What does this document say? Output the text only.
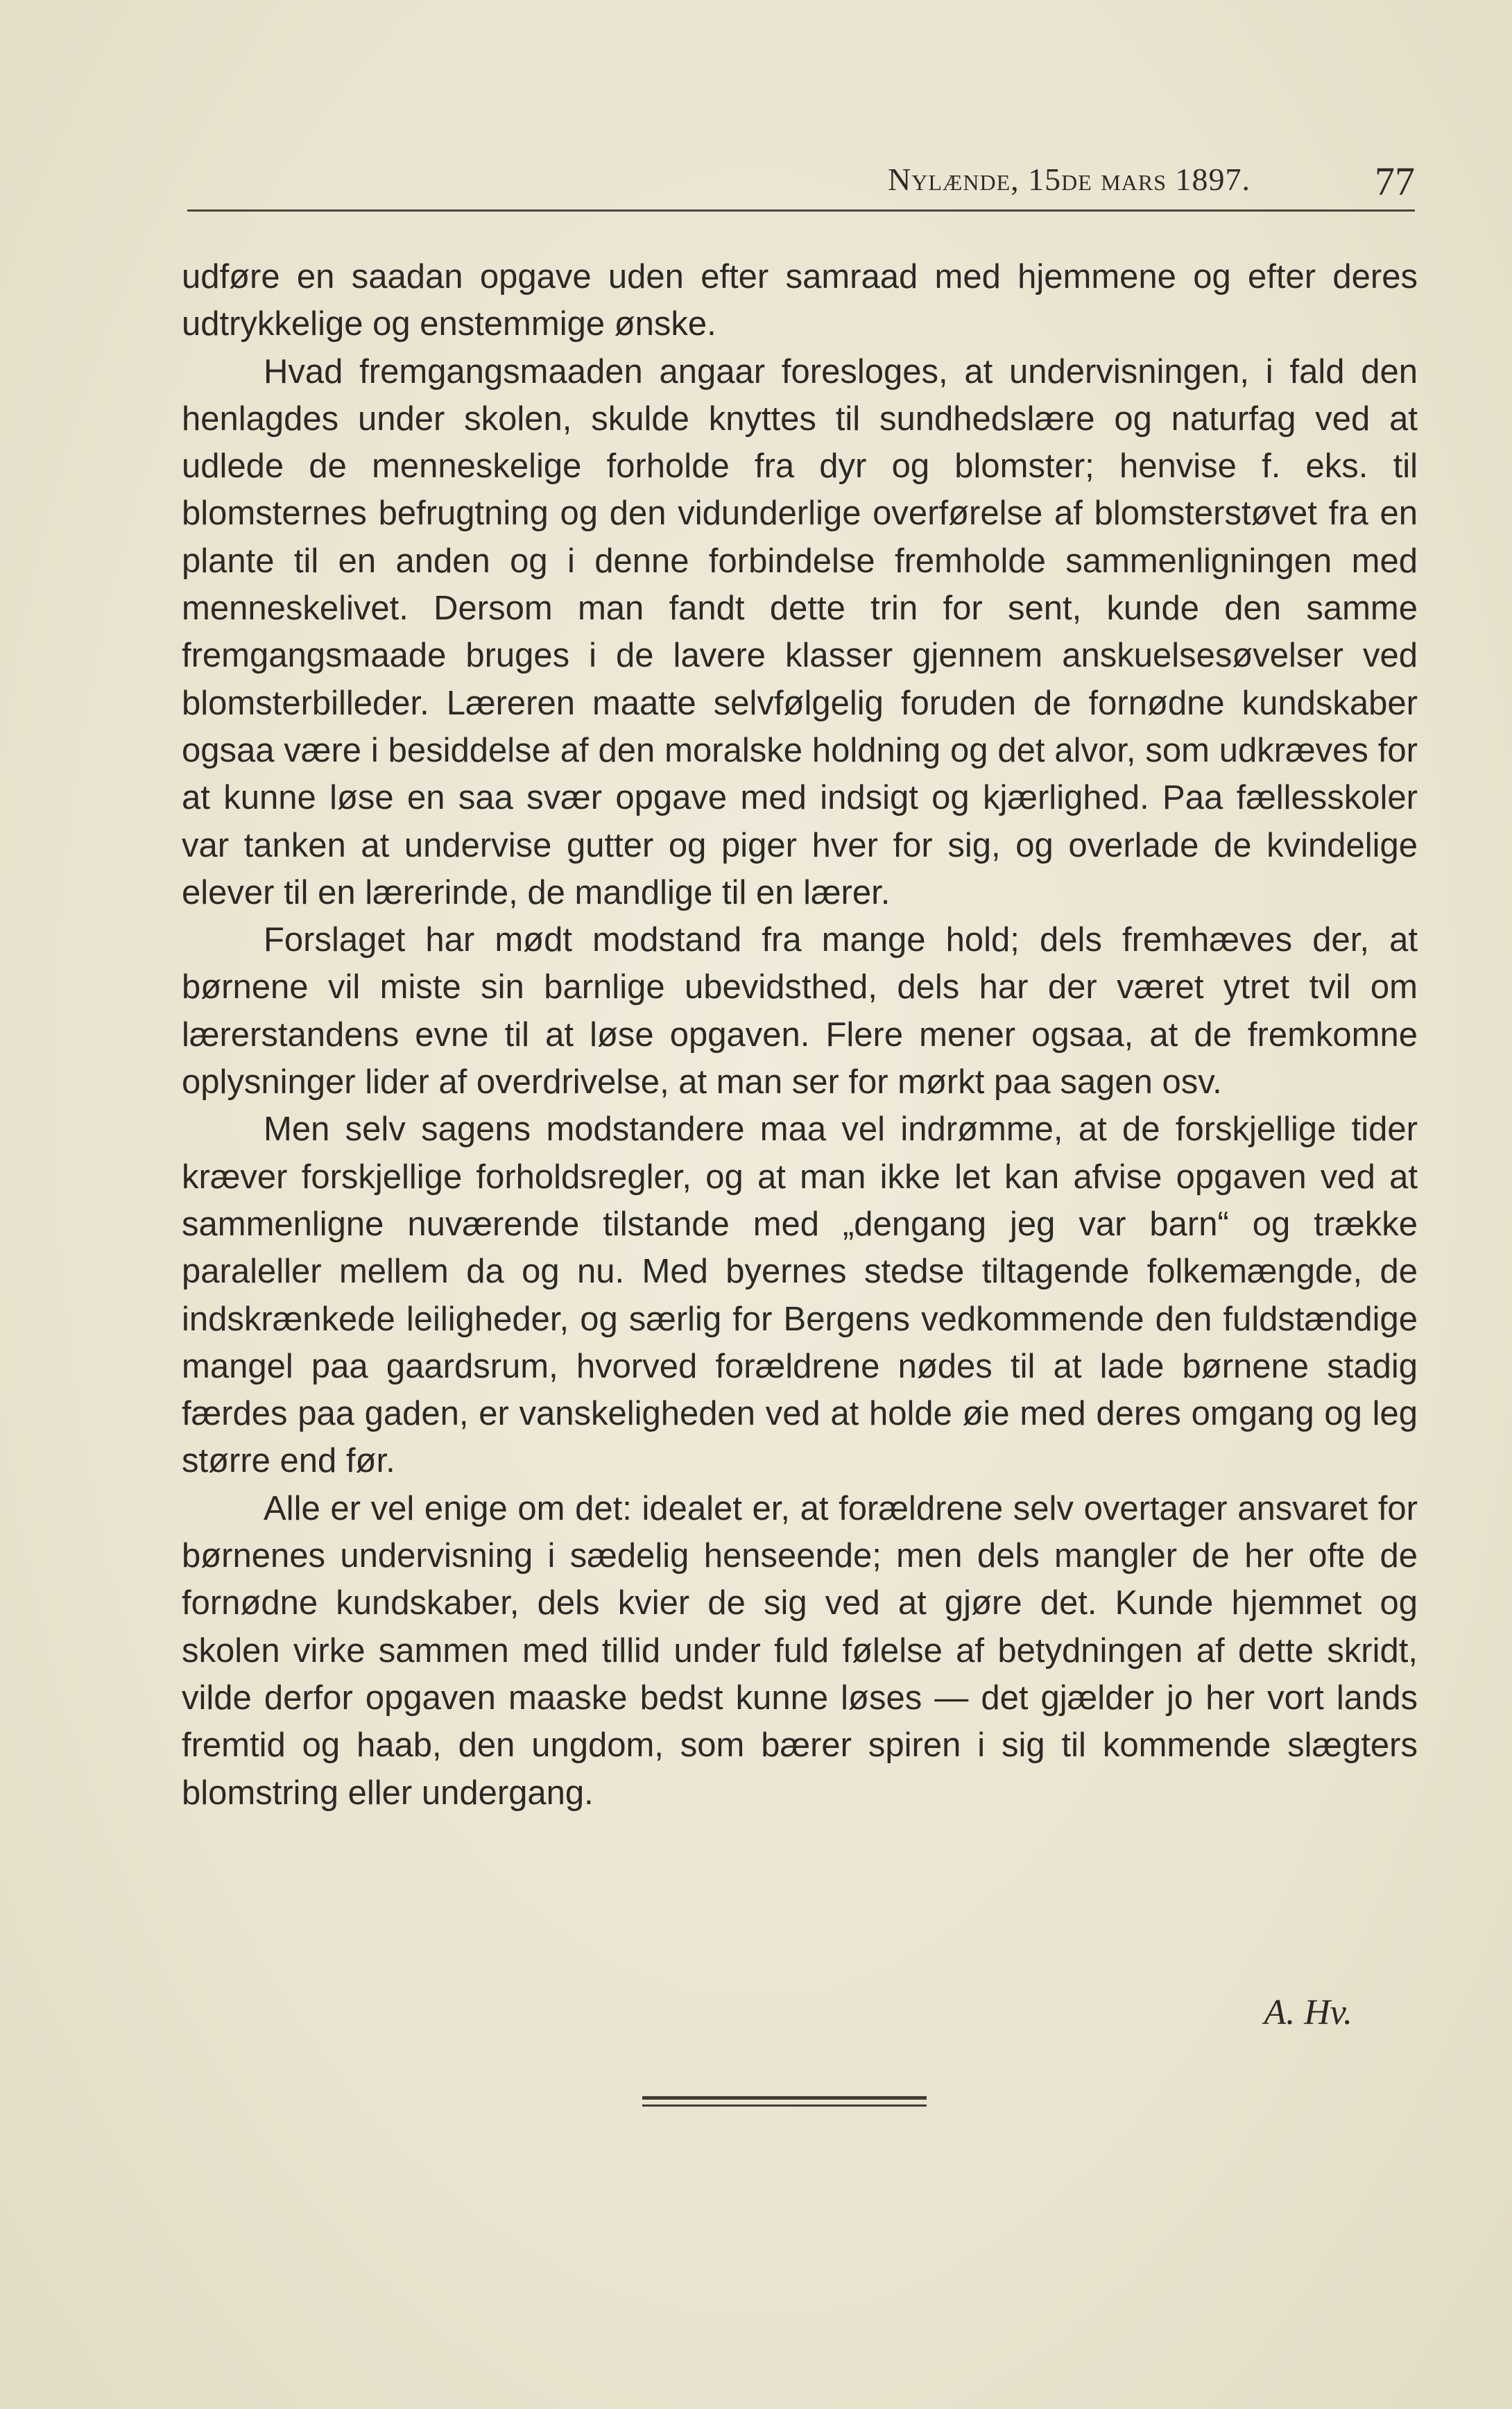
Nylænde, 15de mars 1897.	77

udføre en saadan opgave uden efter samraad med hjemmene og efter deres udtrykkelige og enstemmige ønske.

Hvad fremgangsmaaden angaar foresloges, at undervisningen, i fald den henlagdes under skolen, skulde knyttes til sundhedslære og naturfag ved at udlede de menneskelige forholde fra dyr og blomster; henvise f. eks. til blomsternes befrugtning og den vidunderlige overførelse af blomsterstøvet fra en plante til en anden og i denne forbindelse fremholde sammenligningen med menneskelivet. Dersom man fandt dette trin for sent, kunde den samme fremgangsmaade bruges i de lavere klasser gjennem anskuelsesøvelser ved blomsterbilleder. Læreren maatte selvfølgelig foruden de fornødne kundskaber ogsaa være i besiddelse af den moralske holdning og det alvor, som udkræves for at kunne løse en saa svær opgave med indsigt og kjærlighed. Paa fællesskoler var tanken at undervise gutter og piger hver for sig, og overlade de kvindelige elever til en lærerinde, de mandlige til en lærer.

Forslaget har mødt modstand fra mange hold; dels fremhæves der, at børnene vil miste sin barnlige ubevidsthed, dels har der været ytret tvil om lærerstandens evne til at løse opgaven. Flere mener ogsaa, at de fremkomne oplysninger lider af overdrivelse, at man ser for mørkt paa sagen osv.

Men selv sagens modstandere maa vel indrømme, at de forskjellige tider kræver forskjellige forholdsregler, og at man ikke let kan afvise opgaven ved at sammenligne nuværende tilstande med „dengang jeg var barn“ og trække paraleller mellem da og nu. Med byernes stedse tiltagende folkemængde, de indskrænkede leiligheder, og særlig for Bergens vedkommende den fuldstændige mangel paa gaardsrum, hvorved forældrene nødes til at lade børnene stadig færdes paa gaden, er vanskeligheden ved at holde øie med deres omgang og leg større end før.

Alle er vel enige om det: idealet er, at forældrene selv overtager ansvaret for børnenes undervisning i sædelig henseende; men dels mangler de her ofte de fornødne kundskaber, dels kvier de sig ved at gjøre det. Kunde hjemmet og skolen virke sammen med tillid under fuld følelse af betydningen af dette skridt, vilde derfor opgaven maaske bedst kunne løses — det gjælder jo her vort lands fremtid og haab, den ungdom, som bærer spiren i sig til kommende slægters blomstring eller undergang.

A. Hv.
